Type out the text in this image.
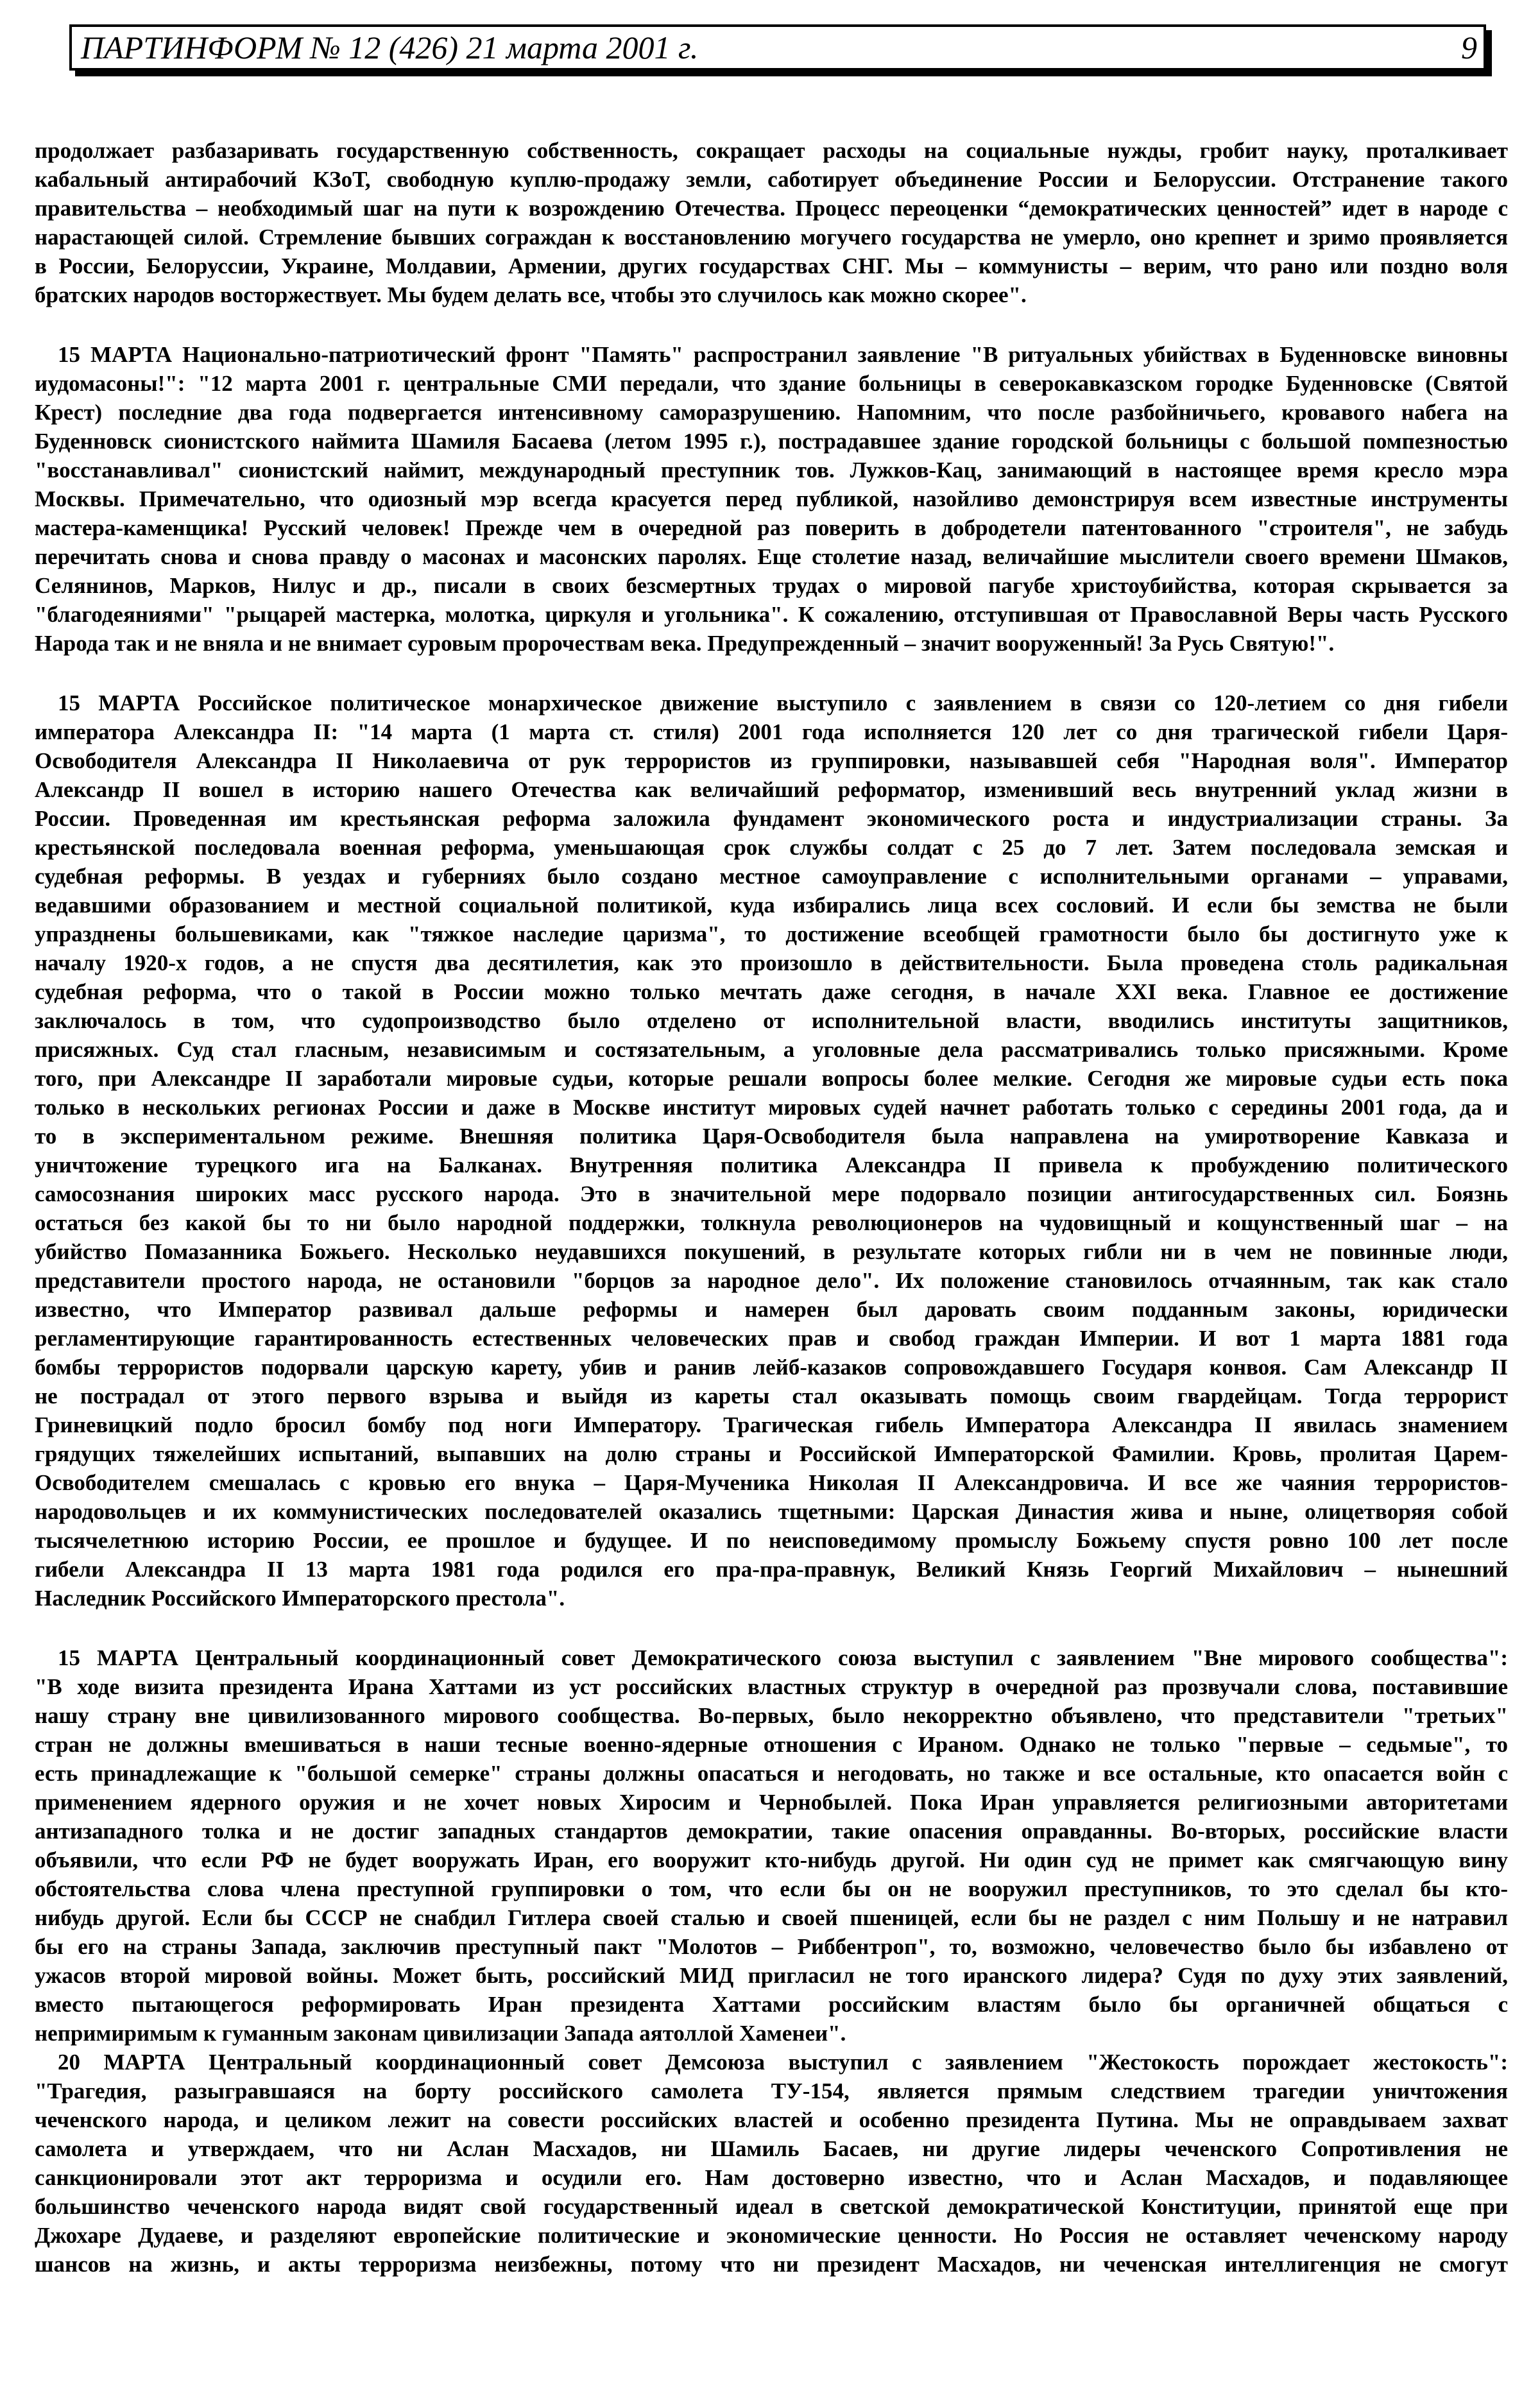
ПАРТИНФОРМ № 12 (426) 21 марта 2001 г.	9
продолжает разбазаривать государственную собственность, сокращает расходы на социальные нужды, гробит науку, проталкивает
кабальный антирабочий КЗоТ, свободную куплю-продажу земли, саботирует объединение России и Белоруссии. Отстранение такого
правительства – необходимый шаг на пути к возрождению Отечества. Процесс переоценки “демократических ценностей” идет в народе с
нарастающей силой. Стремление бывших сограждан к восстановлению могучего государства не умерло, оно крепнет и зримо проявляется
в России, Белоруссии, Украине, Молдавии, Армении, других государствах СНГ. Мы – коммунисты – верим, что рано или поздно воля
братских народов восторжествует. Мы будем делать все, чтобы это случилось как можно скорее".
15 МАРТА Национально-патриотический фронт "Память" распространил заявление "В ритуальных убийствах в Буденновске виновны
иудомасоны!": "12 марта 2001 г. центральные СМИ передали, что здание больницы в северокавказском городке Буденновске (Святой
Крест) последние два года подвергается интенсивному саморазрушению. Напомним, что после разбойничьего, кровавого набега на
Буденновск сионистского наймита Шамиля Басаева (летом 1995 г.), пострадавшее здание городской больницы с большой помпезностью
"восстанавливал" сионистский наймит, международный преступник тов. Лужков-Кац, занимающий в настоящее время кресло мэра
Москвы. Примечательно, что одиозный мэр всегда красуется перед публикой, назойливо демонстрируя всем известные инструменты
мастера-каменщика! Русский человек! Прежде чем в очередной раз поверить в добродетели патентованного "строителя", не забудь
перечитать снова и снова правду о масонах и масонских паролях. Еще столетие назад, величайшие мыслители своего времени Шмаков,
Селянинов, Марков, Нилус и др., писали в своих безсмертных трудах о мировой пагубе христоубийства, которая скрывается за
"благодеяниями" "рыцарей мастерка, молотка, циркуля и угольника". К сожалению, отступившая от Православной Веры часть Русского
Народа так и не вняла и не внимает суровым пророчествам века. Предупрежденный – значит вооруженный! За Русь Святую!".
15 МАРТА Российское политическое монархическое движение выступило с заявлением в связи со 120-летием со дня гибели
императора Александра II: "14 марта (1 марта ст. стиля) 2001 года исполняется 120 лет со дня трагической гибели Царя-
Освободителя Александра II Николаевича от рук террористов из группировки, называвшей себя "Народная воля". Император
Александр II вошел в историю нашего Отечества как величайший реформатор, изменивший весь внутренний уклад жизни в
России. Проведенная им крестьянская реформа заложила фундамент экономического роста и индустриализации страны. За
крестьянской последовала военная реформа, уменьшающая срок службы солдат с 25 до 7 лет. Затем последовала земская и
судебная реформы. В уездах и губерниях было создано местное самоуправление с исполнительными органами – управами,
ведавшими образованием и местной социальной политикой, куда избирались лица всех сословий. И если бы земства не были
упразднены большевиками, как "тяжкое наследие царизма", то достижение всеобщей грамотности было бы достигнуто уже к
началу 1920-х годов, а не спустя два десятилетия, как это произошло в действительности. Была проведена столь радикальная
судебная реформа, что о такой в России можно только мечтать даже сегодня, в начале XXI века. Главное ее достижение
заключалось в том, что судопроизводство было отделено от исполнительной власти, вводились институты защитников,
присяжных. Суд стал гласным, независимым и состязательным, а уголовные дела рассматривались только присяжными. Кроме
того, при Александре II заработали мировые судьи, которые решали вопросы более мелкие. Сегодня же мировые судьи есть пока
только в нескольких регионах России и даже в Москве институт мировых судей начнет работать только с середины 2001 года, да и
то в экспериментальном режиме. Внешняя политика Царя-Освободителя была направлена на умиротворение Кавказа и
уничтожение турецкого ига на Балканах. Внутренняя политика Александра II привела к пробуждению политического
самосознания широких масс русского народа. Это в значительной мере подорвало позиции антигосударственных сил. Боязнь
остаться без какой бы то ни было народной поддержки, толкнула революционеров на чудовищный и кощунственный шаг – на
убийство Помазанника Божьего. Несколько неудавшихся покушений, в результате которых гибли ни в чем не повинные люди,
представители простого народа, не остановили "борцов за народное дело". Их положение становилось отчаянным, так как стало
известно, что Император развивал дальше реформы и намерен был даровать своим подданным законы, юридически
регламентирующие гарантированность естественных человеческих прав и свобод граждан Империи. И вот 1 марта 1881 года
бомбы террористов подорвали царскую карету, убив и ранив лейб-казаков сопровождавшего Государя конвоя. Сам Александр II
не пострадал от этого первого взрыва и выйдя из кареты стал оказывать помощь своим гвардейцам. Тогда террорист
Гриневицкий подло бросил бомбу под ноги Императору. Трагическая гибель Императора Александра II явилась знамением
грядущих тяжелейших испытаний, выпавших на долю страны и Российской Императорской Фамилии. Кровь, пролитая Царем-
Освободителем смешалась с кровью его внука – Царя-Мученика Николая II Александровича. И все же чаяния террористов-
народовольцев и их коммунистических последователей оказались тщетными: Царская Династия жива и ныне, олицетворяя собой
тысячелетнюю историю России, ее прошлое и будущее. И по неисповедимому промыслу Божьему спустя ровно 100 лет после
гибели Александра II 13 марта 1981 года родился его пра-пра-правнук, Великий Князь Георгий Михайлович – нынешний
Наследник Российского Императорского престола".
15 МАРТА Центральный координационный совет Демократического союза выступил с заявлением "Вне мирового сообщества":
"В ходе визита президента Ирана Хаттами из уст российских властных структур в очередной раз прозвучали слова, поставившие
нашу страну вне цивилизованного мирового сообщества. Во-первых, было некорректно объявлено, что представители "третьих"
стран не должны вмешиваться в наши тесные военно-ядерные отношения с Ираном. Однако не только "первые – седьмые", то
есть принадлежащие к "большой семерке" страны должны опасаться и негодовать, но также и все остальные, кто опасается войн с
применением ядерного оружия и не хочет новых Хиросим и Чернобылей. Пока Иран управляется религиозными авторитетами
антизападного толка и не достиг западных стандартов демократии, такие опасения оправданны. Во-вторых, российские власти
объявили, что если РФ не будет вооружать Иран, его вооружит кто-нибудь другой. Ни один суд не примет как смягчающую вину
обстоятельства слова члена преступной группировки о том, что если бы он не вооружил преступников, то это сделал бы кто-
нибудь другой. Если бы СССР не снабдил Гитлера своей сталью и своей пшеницей, если бы не раздел с ним Польшу и не натравил
бы его на страны Запада, заключив преступный пакт "Молотов – Риббентроп", то, возможно, человечество было бы избавлено от
ужасов второй мировой войны. Может быть, российский МИД пригласил не того иранского лидера? Судя по духу этих заявлений,
вместо пытающегося реформировать Иран президента Хаттами российским властям было бы органичней общаться с
непримиримым к гуманным законам цивилизации Запада аятоллой Хаменеи".
20 МАРТА Центральный координационный совет Демсоюза выступил с заявлением "Жестокость порождает жестокость":
"Трагедия, разыгравшаяся на борту российского самолета ТУ-154, является прямым следствием трагедии уничтожения
чеченского народа, и целиком лежит на совести российских властей и особенно президента Путина. Мы не оправдываем захват
самолета и утверждаем, что ни Аслан Масхадов, ни Шамиль Басаев, ни другие лидеры чеченского Сопротивления не
санкционировали этот акт терроризма и осудили его. Нам достоверно известно, что и Аслан Масхадов, и подавляющее
большинство чеченского народа видят свой государственный идеал в светской демократической Конституции, принятой еще при
Джохаре Дудаеве, и разделяют европейские политические и экономические ценности. Но Россия не оставляет чеченскому народу
шансов на жизнь, и акты терроризма неизбежны, потому что ни президент Масхадов, ни чеченская интеллигенция не смогут
